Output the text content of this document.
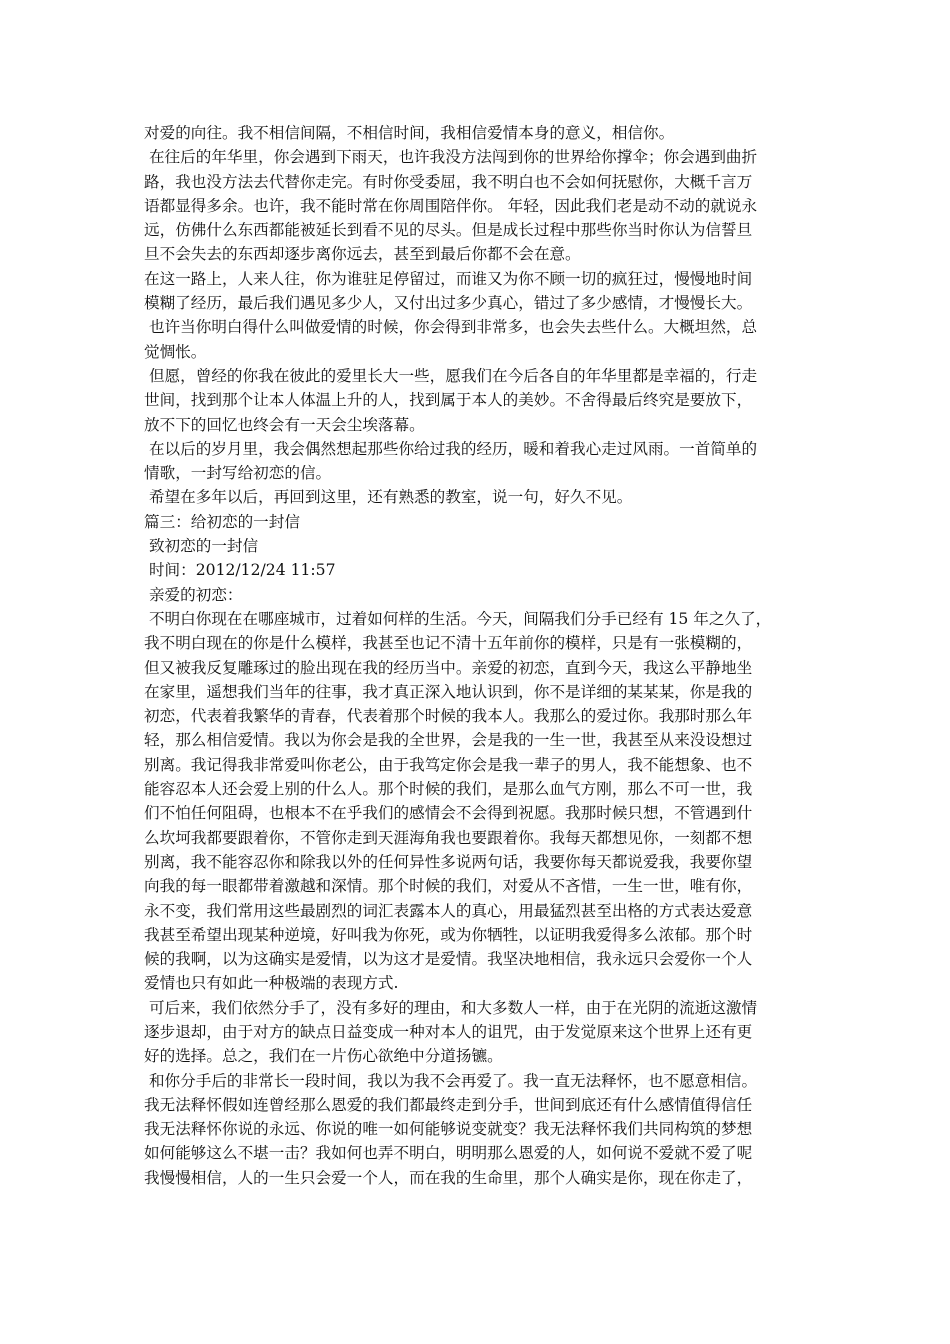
对爱的向往。我不相信间隔，不相信时间，我相信爱情本身的意义，相信你。
在往后的年华里，你会遇到下雨天，也许我没方法闯到你的世界给你撑伞；你会遇到曲折
路，我也没方法去代替你走完。有时你受委屈，我不明白也不会如何抚慰你，大概千言万
语都显得多余。也许，我不能时常在你周围陪伴你。 年轻，因此我们老是动不动的就说永
远，仿佛什么东西都能被延长到看不见的尽头。但是成长过程中那些你当时你认为信誓旦
旦不会失去的东西却逐步离你远去，甚至到最后你都不会在意。
在这一路上，人来人往，你为谁驻足停留过，而谁又为你不顾一切的疯狂过，慢慢地时间
模糊了经历，最后我们遇见多少人，又付出过多少真心，错过了多少感情，才慢慢长大。
也许当你明白得什么叫做爱情的时候，你会得到非常多，也会失去些什么。大概坦然，总
觉惆怅。
但愿，曾经的你我在彼此的爱里长大一些，愿我们在今后各自的年华里都是幸福的，行走
世间，找到那个让本人体温上升的人，找到属于本人的美妙。不舍得最后终究是要放下，
放不下的回忆也终会有一天会尘埃落幕。
在以后的岁月里，我会偶然想起那些你给过我的经历，暖和着我心走过风雨。一首简单的
情歌，一封写给初恋的信。
希望在多年以后，再回到这里，还有熟悉的教室，说一句，好久不见。
篇三：给初恋的一封信
致初恋的一封信
时间：2012/12/24 11:57
亲爱的初恋：
不明白你现在在哪座城市，过着如何样的生活。今天，间隔我们分手已经有 15 年之久了，
我不明白现在的你是什么模样，我甚至也记不清十五年前你的模样，只是有一张模糊的，
但又被我反复雕琢过的脸出现在我的经历当中。亲爱的初恋，直到今天，我这么平静地坐
在家里，遥想我们当年的往事，我才真正深入地认识到，你不是详细的某某某，你是我的
初恋，代表着我繁华的青春，代表着那个时候的我本人。我那么的爱过你。我那时那么年
轻，那么相信爱情。我以为你会是我的全世界，会是我的一生一世，我甚至从来没设想过
别离。我记得我非常爱叫你老公，由于我笃定你会是我一辈子的男人，我不能想象、也不
能容忍本人还会爱上别的什么人。那个时候的我们，是那么血气方刚，那么不可一世，我
们不怕任何阻碍，也根本不在乎我们的感情会不会得到祝愿。我那时候只想，不管遇到什
么坎坷我都要跟着你，不管你走到天涯海角我也要跟着你。我每天都想见你，一刻都不想
别离，我不能容忍你和除我以外的任何异性多说两句话，我要你每天都说爱我，我要你望
向我的每一眼都带着激越和深情。那个时候的我们，对爱从不吝惜，一生一世，唯有你，
永不变，我们常用这些最剧烈的词汇表露本人的真心，用最猛烈甚至出格的方式表达爱意
我甚至希望出现某种逆境，好叫我为你死，或为你牺牲，以证明我爱得多么浓郁。那个时
候的我啊，以为这确实是爱情，以为这才是爱情。我坚决地相信，我永远只会爱你一个人
爱情也只有如此一种极端的表现方式.
可后来，我们依然分手了，没有多好的理由，和大多数人一样，由于在光阴的流逝这激情
逐步退却，由于对方的缺点日益变成一种对本人的诅咒，由于发觉原来这个世界上还有更
好的选择。总之，我们在一片伤心欲绝中分道扬镳。
和你分手后的非常长一段时间，我以为我不会再爱了。我一直无法释怀，也不愿意相信。
我无法释怀假如连曾经那么恩爱的我们都最终走到分手，世间到底还有什么感情值得信任
我无法释怀你说的永远、你说的唯一如何能够说变就变？我无法释怀我们共同构筑的梦想
如何能够这么不堪一击？我如何也弄不明白，明明那么恩爱的人，如何说不爱就不爱了呢
我慢慢相信，人的一生只会爱一个人，而在我的生命里，那个人确实是你，现在你走了，
